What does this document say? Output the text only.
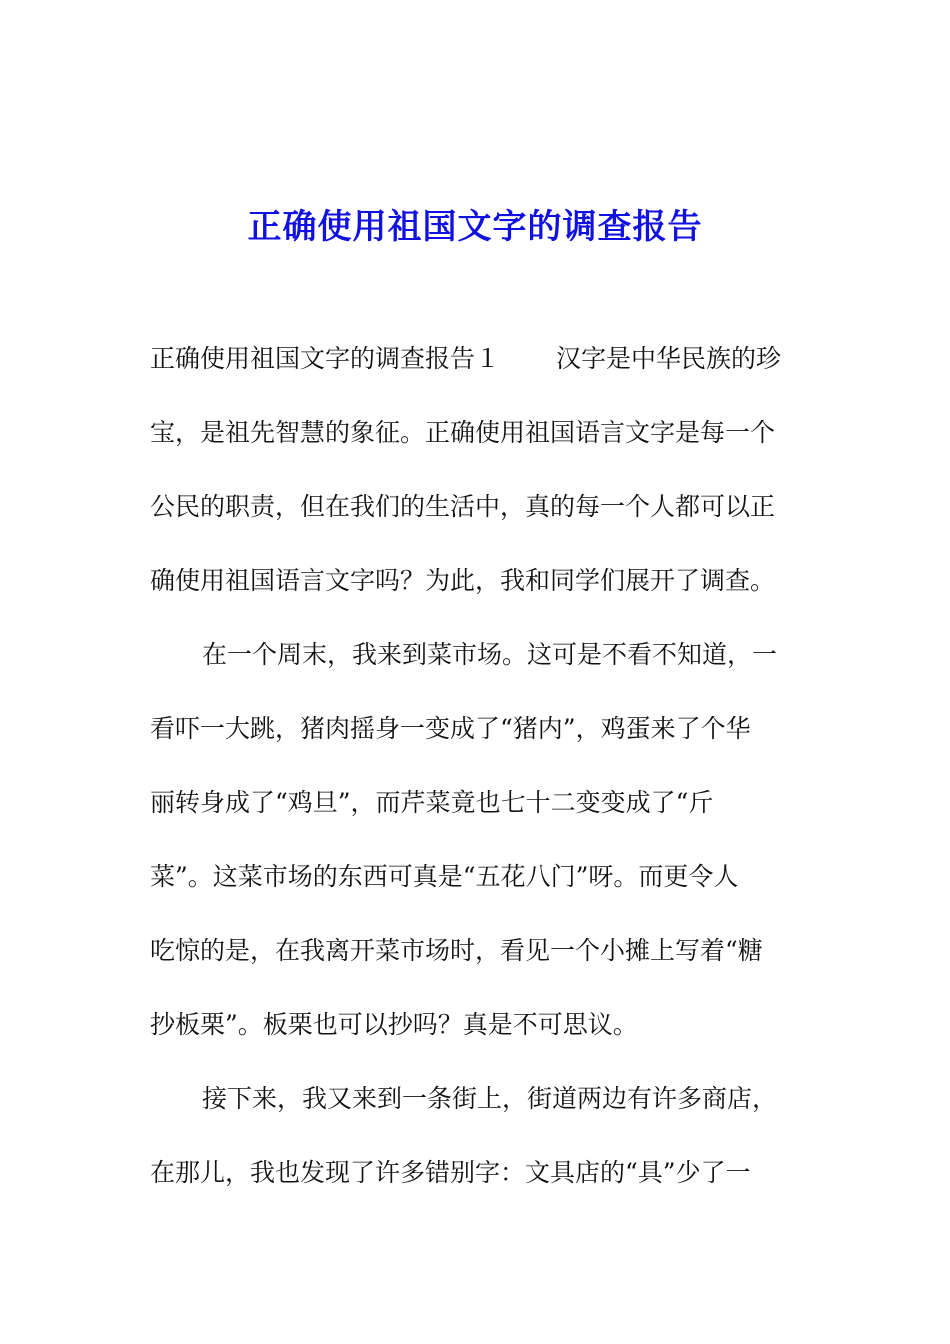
正确使用祖国文字的调查报告

正确使用祖国文字的调查报告１ 汉字是中华民族的珍
宝，是祖先智慧的象征。正确使用祖国语言文字是每一个
公民的职责，但在我们的生活中，真的每一个人都可以正
确使用祖国语言文字吗？为此，我和同学们展开了调查。

在一个周末，我来到菜市场。这可是不看不知道，一
看吓一大跳，猪肉摇身一变成了“猪内”，鸡蛋来了个华
丽转身成了“鸡旦”，而芹菜竟也七十二变变成了“斤
菜”。这菜市场的东西可真是“五花八门”呀。而更令人
吃惊的是，在我离开菜市场时，看见一个小摊上写着“糖
抄板栗”。板栗也可以抄吗？真是不可思议。

接下来，我又来到一条街上，街道两边有许多商店，
在那儿，我也发现了许多错别字：文具店的“具”少了一
